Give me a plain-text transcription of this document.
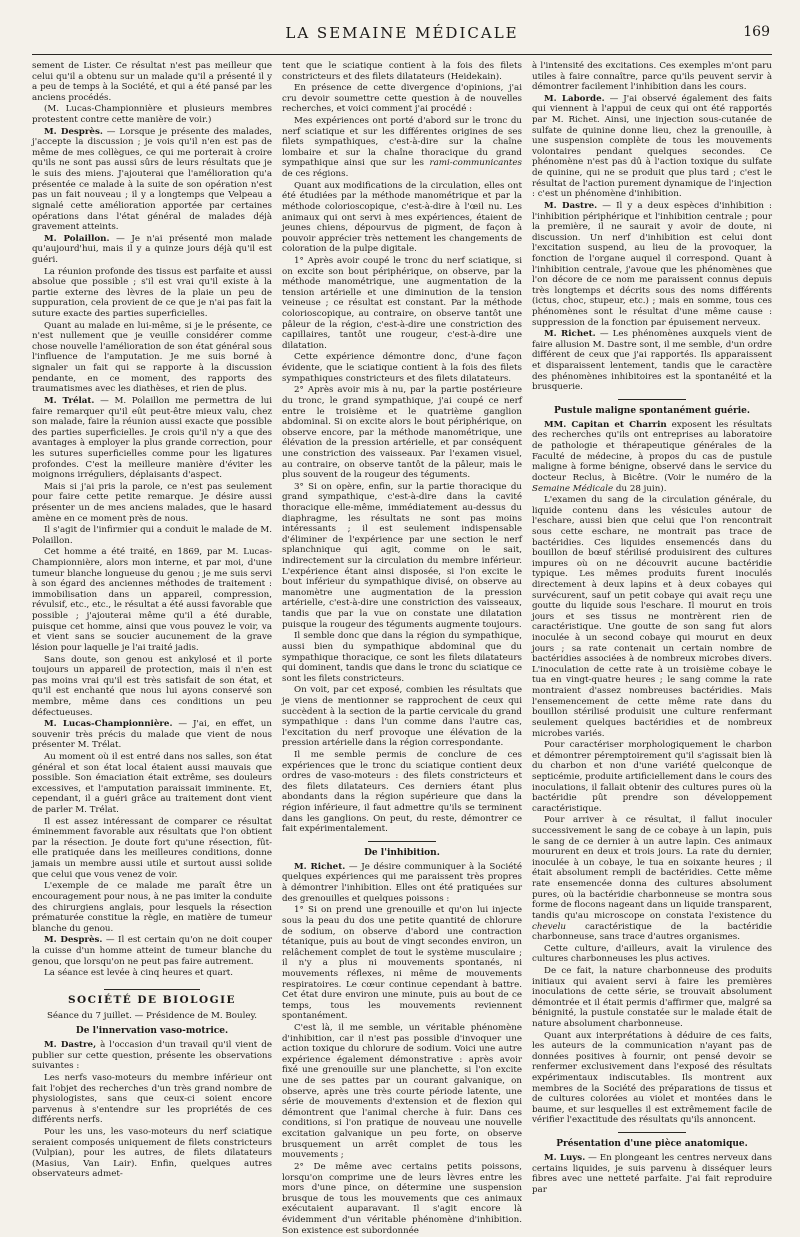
LA SEMAINE MÉDICALE	169

sement de Lister. Ce résultat n'est pas meilleur que celui qu'il a obtenu sur un malade qu'il a présenté il y a peu de temps à la Société, et qui a été pansé par les anciens procédés.

(M. Lucas-Championnière et plusieurs membres protestent contre cette manière de voir.)

M. Desprès. — Lorsque je présente des malades, j'accepte la discussion ; je vois qu'il n'en est pas de même de mes collègues, ce qui me porterait à croire qu'ils ne sont pas aussi sûrs de leurs résultats que je le suis des miens. J'ajouterai que l'amélioration qu'a présentée ce malade à la suite de son opération n'est pas un fait nouveau ; il y a longtemps que Velpeau a signalé cette amélioration apportée par certaines opérations dans l'état général de malades déjà gravement atteints.

M. Polaillon. — Je n'ai présenté mon malade qu'aujourd'hui, mais il y a quinze jours déjà qu'il est guéri.

La réunion profonde des tissus est parfaite et aussi absolue que possible ; s'il est vrai qu'il existe à la partie externe des lèvres de la plaie un peu de suppuration, cela provient de ce que je n'ai pas fait la suture exacte des parties superficielles.

Quant au malade en lui-même, si je le présente, ce n'est nullement que je veuille considérer comme chose nouvelle l'amélioration de son état général sous l'influence de l'amputation. Je me suis borné à signaler un fait qui se rapporte à la discussion pendante, en ce moment, des rapports des traumatismes avec les diathèses, et rien de plus.

M. Trélat. — M. Polaillon me permettra de lui faire remarquer qu'il eût peut-être mieux valu, chez son malade, faire la réunion aussi exacte que possible des parties superficielles. Je crois qu'il n'y a que des avantages à employer la plus grande correction, pour les sutures superficielles comme pour les ligatures profondes. C'est la meilleure manière d'éviter les moignons irréguliers, déplaisants d'aspect.

Mais si j'ai pris la parole, ce n'est pas seulement pour faire cette petite remarque. Je désire aussi présenter un de mes anciens malades, que le hasard amène en ce moment près de nous.

Il s'agit de l'infirmier qui a conduit le malade de M. Polaillon.

Cet homme a été traité, en 1869, par M. Lucas-Championnière, alors mon interne, et par moi, d'une tumeur blanche longueuse du genou ; je me suis servi à son égard des anciennes méthodes de traitement : immobilisation dans un appareil, compression, révulsif, etc., etc., le résultat a été aussi favorable que possible ; j'ajouterai même qu'il a été durable, puisque cet homme, ainsi que vous pouvez le voir, va et vient sans se soucier aucunement de la grave lésion pour laquelle je l'ai traité jadis.

Sans doute, son genou est ankylosé et il porte toujours un appareil de protection, mais il n'en est pas moins vrai qu'il est très satisfait de son état, et qu'il est enchanté que nous lui ayons conservé son membre, même dans ces conditions un peu défectueuses.

M. Lucas-Championnière. — J'ai, en effet, un souvenir très précis du malade que vient de nous présenter M. Trélat.

Au moment où il est entré dans nos salles, son état général et son état local étaient aussi mauvais que possible. Son émaciation était extrême, ses douleurs excessives, et l'amputation paraissait imminente. Et, cependant, il a guéri grâce au traitement dont vient de parler M. Trélat.

Il est assez intéressant de comparer ce résultat éminemment favorable aux résultats que l'on obtient par la résection. Je doute fort qu'une résection, fût-elle pratiquée dans les meilleures conditions, donne jamais un membre aussi utile et surtout aussi solide que celui que vous venez de voir.

L'exemple de ce malade me paraît être un encouragement pour nous, à ne pas imiter la conduite des chirurgiens anglais, pour lesquels la résection prématurée constitue la règle, en matière de tumeur blanche du genou.

M. Desprès. — Il est certain qu'on ne doit couper la cuisse d'un homme atteint de tumeur blanche du genou, que lorsqu'on ne peut pas faire autrement.

La séance est levée à cinq heures et quart.

SOCIÉTÉ DE BIOLOGIE
Séance du 7 juillet. — Présidence de M. Bouley.
De l'innervation vaso-motrice.

M. Dastre, à l'occasion d'un travail qu'il vient de publier sur cette question, présente les observations suivantes :

Les nerfs vaso-moteurs du membre inférieur ont fait l'objet des recherches d'un très grand nombre de physiologistes, sans que ceux-ci soient encore parvenus à s'entendre sur les propriétés de ces différents nerfs.

Pour les uns, les vaso-moteurs du nerf sciatique seraient composés uniquement de filets constricteurs (Vulpian), pour les autres, de filets dilatateurs (Masius, Van Lair). Enfin, quelques autres observateurs admet-

tent que le sciatique contient à la fois des filets constricteurs et des filets dilatateurs (Heidekain).

En présence de cette divergence d'opinions, j'ai cru devoir soumettre cette question à de nouvelles recherches, et voici comment j'ai procédé :

Mes expériences ont porté d'abord sur le tronc du nerf sciatique et sur les différentes origines de ses filets sympathiques, c'est-à-dire sur la chaîne lombaire et sur la chaîne thoracique du grand sympathique ainsi que sur les rami-communicantes de ces régions.

Quant aux modifications de la circulation, elles ont été étudiées par la méthode manométrique et par la méthode colorioscopique, c'est-à-dire à l'œil nu. Les animaux qui ont servi à mes expériences, étaient de jeunes chiens, dépourvus de pigment, de façon à pouvoir apprécier très nettement les changements de coloration de la pulpe digitale.

1° Après avoir coupé le tronc du nerf sciatique, si on excite son bout périphérique, on observe, par la méthode manométrique, une augmentation de la tension artérielle et une diminution de la tension veineuse ; ce résultat est constant. Par la méthode colorioscopique, au contraire, on observe tantôt une pâleur de la région, c'est-à-dire une constriction des capillaires, tantôt une rougeur, c'est-à-dire une dilatation.

Cette expérience démontre donc, d'une façon évidente, que le sciatique contient à la fois des filets sympathiques constricteurs et des filets dilatateurs.

2° Après avoir mis à nu, par la partie postérieure du tronc, le grand sympathique, j'ai coupé ce nerf entre le troisième et le quatrième ganglion abdominal. Si on excite alors le bout périphérique, on observe encore, par la méthode manométrique, une élévation de la pression artérielle, et par conséquent une constriction des vaisseaux. Par l'examen visuel, au contraire, on observe tantôt de la pâleur, mais le plus souvent de la rougeur des téguments.

3° Si on opère, enfin, sur la partie thoracique du grand sympathique, c'est-à-dire dans la cavité thoracique elle-même, immédiatement au-dessus du diaphragme, les résultats ne sont pas moins intéressants ; il est seulement indispensable d'éliminer de l'expérience par une section le nerf splanchnique qui agit, comme on le sait, indirectement sur la circulation du membre inférieur. L'expérience étant ainsi disposée, si l'on excite le bout inférieur du sympathique divisé, on observe au manomètre une augmentation de la pression artérielle, c'est-à-dire une constriction des vaisseaux, tandis que par la vue on constate une dilatation puisque la rougeur des téguments augmente toujours.

Il semble donc que dans la région du sympathique, aussi bien du sympathique abdominal que du sympathique thoracique, ce sont les filets dilatateurs qui dominent, tandis que dans le tronc du sciatique ce sont les filets constricteurs.

On voit, par cet exposé, combien les résultats que je viens de mentionner se rapprochent de ceux qui succèdent à la section de la partie cervicale du grand sympathique : dans l'un comme dans l'autre cas, l'excitation du nerf provoque une élévation de la pression artérielle dans la région correspondante.

Il me semble permis de conclure de ces expériences que le tronc du sciatique contient deux ordres de vaso-moteurs : des filets constricteurs et des filets dilatateurs. Ces derniers étant plus abondants dans la région supérieure que dans la région inférieure, il faut admettre qu'ils se terminent dans les ganglions. On peut, du reste, démontrer ce fait expérimentalement.

De l'inhibition.

M. Richet. — Je désire communiquer à la Société quelques expériences qui me paraissent très propres à démontrer l'inhibition. Elles ont été pratiquées sur des grenouilles et quelques poissons :

1° Si on prend une grenouille et qu'on lui injecte sous la peau du dos une petite quantité de chlorure de sodium, on observe d'abord une contraction tétanique, puis au bout de vingt secondes environ, un relâchement complet de tout le système musculaire ; il n'y a plus ni mouvements spontanés, ni mouvements réflexes, ni même de mouvements respiratoires. Le cœur continue cependant à battre. Cet état dure environ une minute, puis au bout de ce temps, tous les mouvements reviennent spontanément.

C'est là, il me semble, un véritable phénomène d'inhibition, car il n'est pas possible d'invoquer une action toxique du chlorure de sodium. Voici une autre expérience également démonstrative : après avoir fixé une grenouille sur une planchette, si l'on excite une de ses pattes par un courant galvanique, on observe, après une très courte période latente, une série de mouvements d'extension et de flexion qui démontrent que l'animal cherche à fuir. Dans ces conditions, si l'on pratique de nouveau une nouvelle excitation galvanique un peu forte, on observe brusquement un arrêt complet de tous les mouvements ;

2° De même avec certains petits poissons, lorsqu'on comprime une de leurs lèvres entre les mors d'une pince, on détermine une suspension brusque de tous les mouvements que ces animaux exécutaient auparavant. Il s'agit encore là évidemment d'un véritable phénomène d'inhibition. Son existence est subordonnée

à l'intensité des excitations. Ces exemples m'ont paru utiles à faire connaître, parce qu'ils peuvent servir à démontrer facilement l'inhibition dans les cours.

M. Laborde. — J'ai observé également des faits qui viennent à l'appui de ceux qui ont été rapportés par M. Richet. Ainsi, une injection sous-cutanée de sulfate de quinine donne lieu, chez la grenouille, à une suspension complète de tous les mouvements volontaires pendant quelques secondes. Ce phénomène n'est pas dû à l'action toxique du sulfate de quinine, qui ne se produit que plus tard ; c'est le résultat de l'action purement dynamique de l'injection : c'est un phénomène d'inhibition.

M. Dastre. — Il y a deux espèces d'inhibition : l'inhibition périphérique et l'inhibition centrale ; pour la première, il ne saurait y avoir de doute, ni discussion. Un nerf d'inhibition est celui dont l'excitation suspend, au lieu de la provoquer, la fonction de l'organe auquel il correspond. Quant à l'inhibition centrale, j'avoue que les phénomènes que l'on décore de ce nom me paraissent connus depuis très longtemps et décrits sous des noms différents (ictus, choc, stupeur, etc.) ; mais en somme, tous ces phénomènes sont le résultat d'une même cause : suppression de la fonction par épuisement nerveux.

M. Richet. — Les phénomènes auxquels vient de faire allusion M. Dastre sont, il me semble, d'un ordre différent de ceux que j'ai rapportés. Ils apparaissent et disparaissent lentement, tandis que le caractère des phénomènes inhibitoires est la spontanéité et la brusquerie.

Pustule maligne spontanément guérie.

MM. Capitan et Charrin exposent les résultats des recherches qu'ils ont entreprises au laboratoire de pathologie et thérapeutique générales de la Faculté de médecine, à propos du cas de pustule maligne à forme bénigne, observé dans le service du docteur Reclus, à Bicêtre. (Voir le numéro de la Semaine Médicale du 28 juin).

L'examen du sang de la circulation générale, du liquide contenu dans les vésicules autour de l'eschare, aussi bien que celui que l'on rencontrait sous cette eschare, ne montrait pas trace de bactéridies. Ces liquides ensemencés dans du bouillon de bœuf stérilisé produisirent des cultures impures où on ne découvrit aucune bactéridie typique. Les mêmes produits furent inoculés directement à deux lapins et à deux cobayes qui survécurent, sauf un petit cobaye qui avait reçu une goutte du liquide sous l'eschare. Il mourut en trois jours et ses tissus ne montrèrent rien de caractéristique. Une goutte de son sang fut alors inoculée à un second cobaye qui mourut en deux jours ; sa rate contenait un certain nombre de bactéridies associées à de nombreux microbes divers. L'inoculation de cette rate à un troisième cobaye le tua en vingt-quatre heures ; le sang comme la rate montraient d'assez nombreuses bactéridies. Mais l'ensemencement de cette même rate dans du bouillon stérilisé produisit une culture renfermant seulement quelques bactéridies et de nombreux microbes variés.

Pour caractériser morphologiquement le charbon et démontrer péremptoirement qu'il s'agissait bien là du charbon et non d'une variété quelconque de septicémie, produite artificiellement dans le cours des inoculations, il fallait obtenir des cultures pures où la bactéridie pût prendre son développement caractéristique.

Pour arriver à ce résultat, il fallut inoculer successivement le sang de ce cobaye à un lapin, puis le sang de ce dernier à un autre lapin. Ces animaux moururent en deux et trois jours. La rate du dernier, inoculée à un cobaye, le tua en soixante heures ; il était absolument rempli de bactéridies. Cette même rate ensemencée donna des cultures absolument pures, où la bactéridie charbonneuse se montra sous forme de flocons nageant dans un liquide transparent, tandis qu'au microscope on constata l'existence du chevelu caractéristique de la bactéridie charbonneuse, sans trace d'autres organismes.

Cette culture, d'ailleurs, avait la virulence des cultures charbonneuses les plus actives.

De ce fait, la nature charbonneuse des produits initiaux qui avaient servi à faire les premières inoculations de cette série, se trouvait absolument démontrée et il était permis d'affirmer que, malgré sa bénignité, la pustule constatée sur le malade était de nature absolument charbonneuse.

Quant aux interprétations à déduire de ces faits, les auteurs de la communication n'ayant pas de données positives à fournir, ont pensé devoir se renfermer exclusivement dans l'exposé des résultats expérimentaux indiscutables. Ils montrent aux membres de la Société des préparations de tissus et de cultures colorées au violet et montées dans le baume, et sur lesquelles il est extrêmement facile de vérifier l'exactitude des résultats qu'ils annoncent.

Présentation d'une pièce anatomique.

M. Luys. — En plongeant les centres nerveux dans certains liquides, je suis parvenu à disséquer leurs fibres avec une netteté parfaite. J'ai fait reproduire par
